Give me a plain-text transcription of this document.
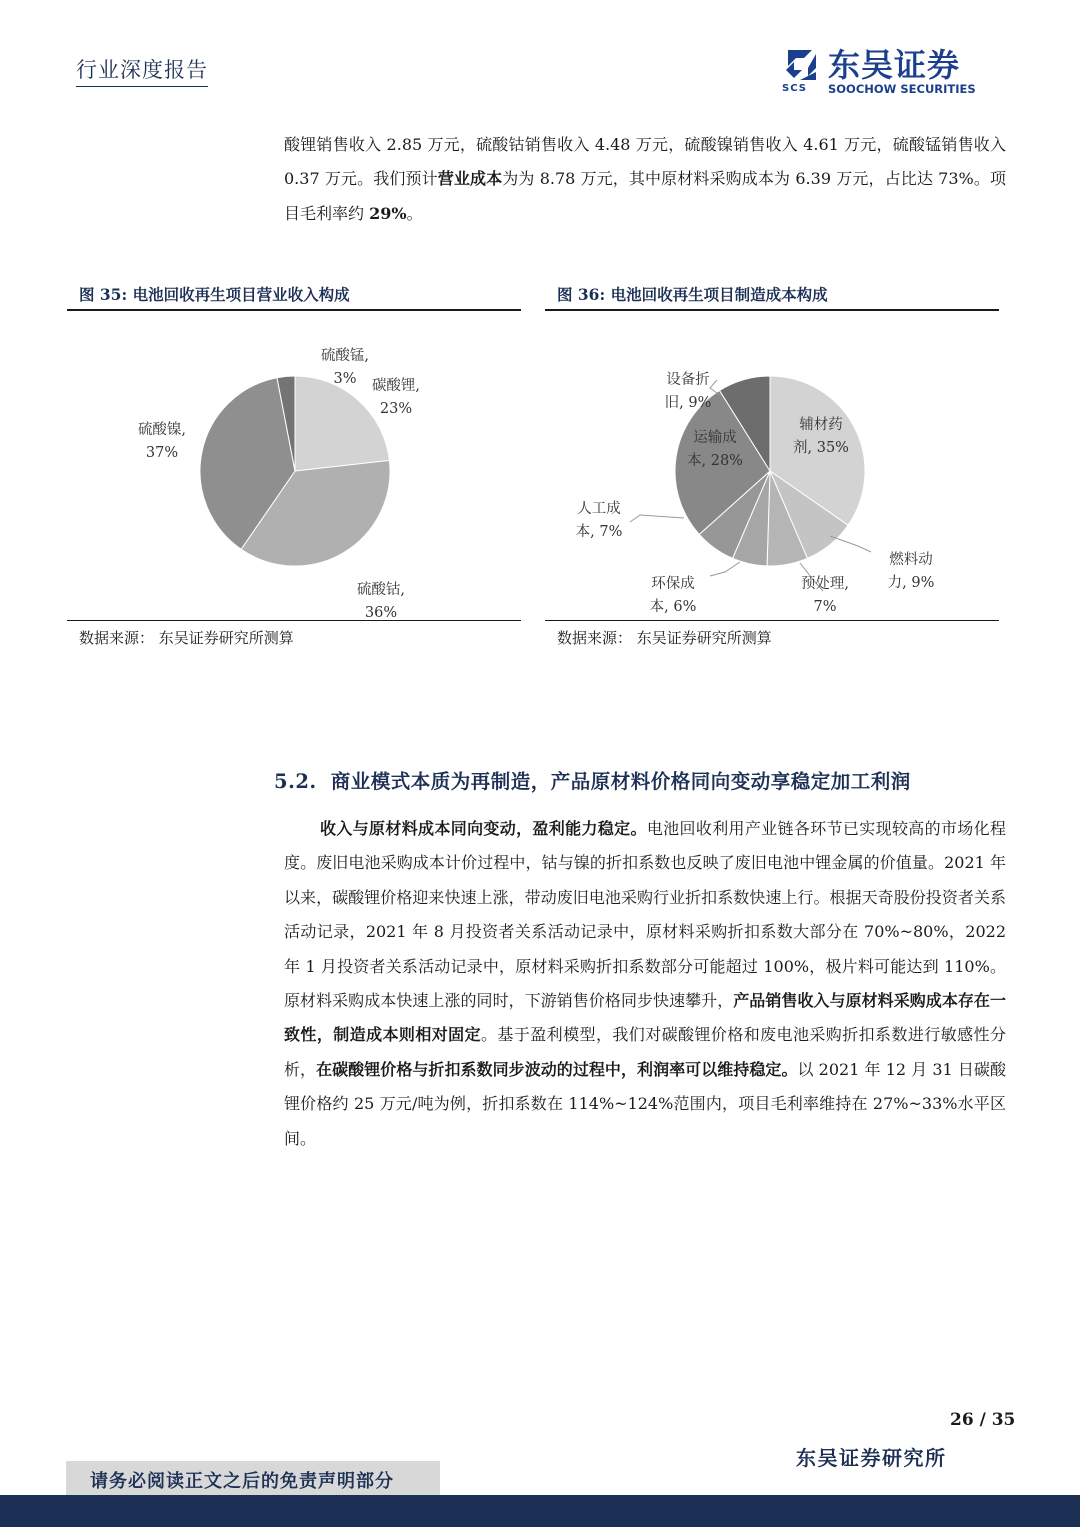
行业深度报告
SCS
东吴证券
SOOCHOW SECURITIES
酸锂销售收入 2.85 万元，硫酸钴销售收入 4.48 万元，硫酸镍销售收入 4.61 万元，硫酸锰销售收入 0.37 万元。我们预计营业成本为为 8.78 万元，其中原材料采购成本为 6.39 万元，占比达 73%。项目毛利率约 29%。
图 35: 电池回收再生项目营业收入构成
碳酸锂, 23%
硫酸钴, 36%
硫酸镍, 37%
硫酸锰, 3%
数据来源： 东吴证券研究所测算
图 36: 电池回收再生项目制造成本构成
辅材药剂, 35%
燃料动力, 9%
预处理, 7%
环保成本, 6%
人工成本, 7%
运输成本, 28%
设备折旧, 9%
数据来源： 东吴证券研究所测算
5.2. 商业模式本质为再制造，产品原材料价格同向变动享稳定加工利润
收入与原材料成本同向变动，盈利能力稳定。电池回收利用产业链各环节已实现较高的市场化程度。废旧电池采购成本计价过程中，钴与镍的折扣系数也反映了废旧电池中锂金属的价值量。2021 年以来，碳酸锂价格迎来快速上涨，带动废旧电池采购行业折扣系数快速上行。根据天奇股份投资者关系活动记录，2021 年 8 月投资者关系活动记录中，原材料采购折扣系数大部分在 70%~80%，2022 年 1 月投资者关系活动记录中，原材料采购折扣系数部分可能超过 100%，极片料可能达到 110%。原材料采购成本快速上涨的同时，下游销售价格同步快速攀升，产品销售收入与原材料采购成本存在一致性，制造成本则相对固定。基于盈利模型，我们对碳酸锂价格和废电池采购折扣系数进行敏感性分析，在碳酸锂价格与折扣系数同步波动的过程中，利润率可以维持稳定。以 2021 年 12 月 31 日碳酸锂价格约 25 万元/吨为例，折扣系数在 114%~124%范围内，项目毛利率维持在 27%~33%水平区间。
26 / 35
东吴证券研究所
请务必阅读正文之后的免责声明部分
